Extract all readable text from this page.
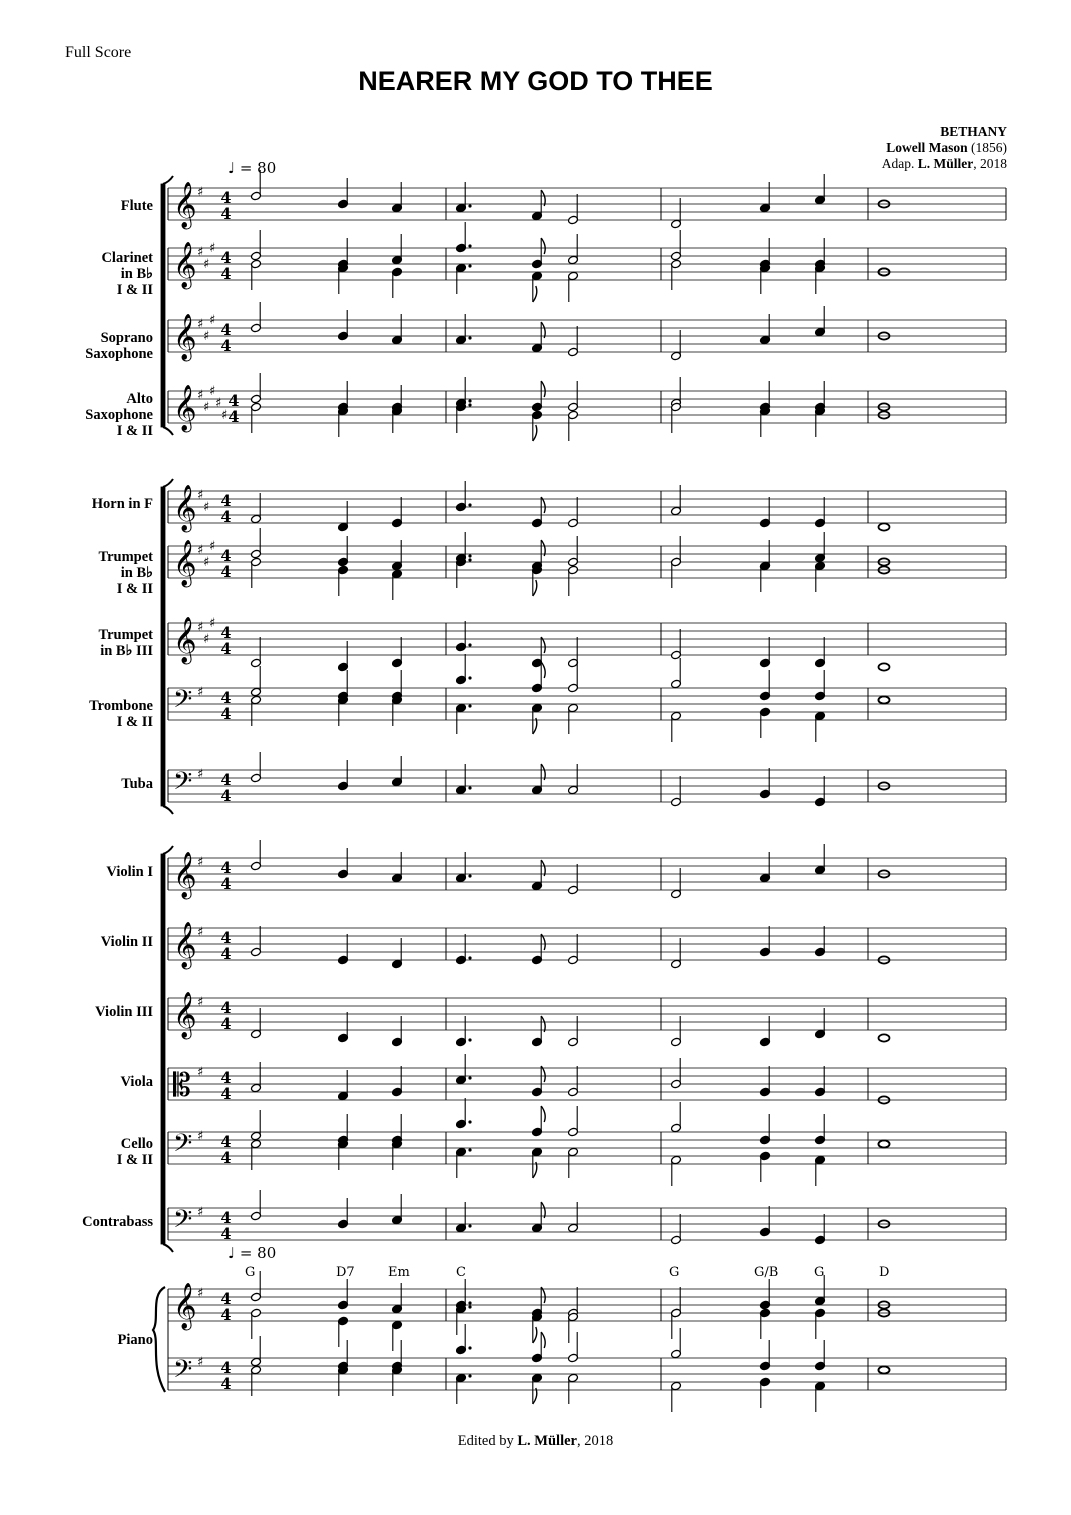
Full Score
NEARER MY GOD TO THEE
BETHANY
Lowell Mason (1856)
Adap. L. Müller, 2018
Flute
Clarinet
in B♭
I & II
Soprano
Saxophone
Alto
Saxophone
I & II
Horn in F
Trumpet
in B♭
I & II
Trumpet
in B♭ III
Trombone
I & II
Tuba
Violin I
Violin II
Violin III
Viola
Cello
I & II
Contrabass
Piano
𝄞 ♯ 4
4
𝄞 ♯
♯
♯ 4
4
𝄞 ♯
♯
♯ 4
4
𝄞 ♯
♯
♯
♯
♯
4
4
𝄞 ♯
♯ 4
4
𝄞 ♯
♯
♯ 4
4
𝄞 ♯
♯
♯ 4
4
𝄢 ♯ 4
4
𝄢 ♯ 4
4
𝄞 ♯ 4
4
𝄞 ♯ 4
4
𝄞 ♯ 4
4
𝄡 ♯ 4
4
𝄢 ♯ 4
4
𝄢 ♯ 4
4
𝄞 ♯ 4
4
𝄢 ♯ 4
4
♩ = 80
♩ = 80
G	D7	Em	C	G	G/B	G	D
Edited by L. Müller, 2018
